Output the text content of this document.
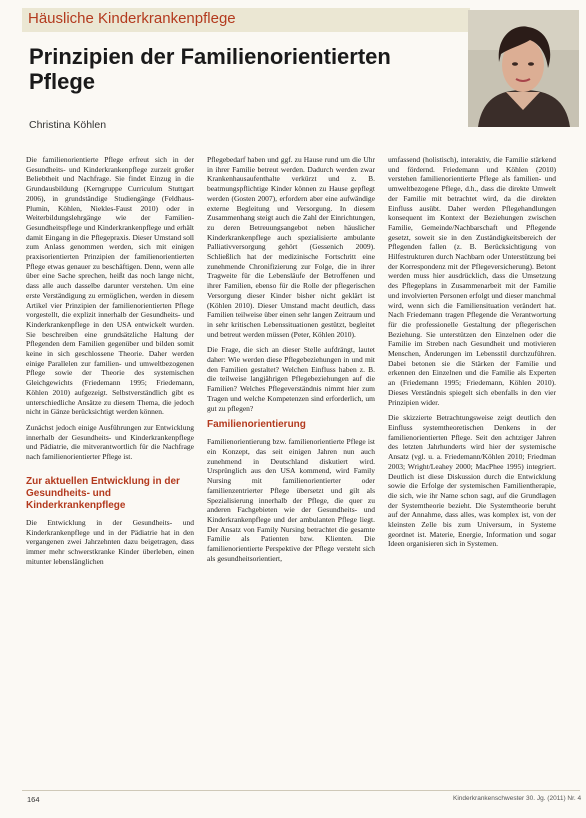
Häusliche Kinderkrankenpflege
Prinzipien der Familienorientierten Pflege
Christina Köhlen

Die familienorientierte Pflege erfreut sich in der Gesundheits- und Kinderkrankenpflege zurzeit großer Beliebtheit und Nachfrage. Sie findet Einzug in die Grundausbildung (Kerngruppe Curriculum Stuttgart 2006), in grundständige Studiengänge (Feldhaus-Plumin, Köhlen, Niekles-Faust 2010) oder in Weiterbildungslehrgänge wie der Familien-Gesundheitspflege und Kinderkrankenpflege und erhält damit Eingang in die Pflegepraxis. Dieser Umstand soll zum Anlass genommen werden, sich mit einigen praxisorientierten Prinzipien der familienorientierten Pflege etwas genauer zu beschäftigen. Denn, wenn alle über eine Sache sprechen, heißt das noch lange nicht, dass alle auch dasselbe darunter verstehen. Um eine erste Verständigung zu ermöglichen, werden in diesem Artikel vier Prinzipien der familienorientierten Pflege vorgestellt, die explizit innerhalb der Gesundheits- und Kinderkrankenpflege in den USA entwickelt wurden. Sie beschreiben eine grundsätzliche Haltung der Pflegenden dem Familien gegenüber und bilden somit keine in sich geschlossene Theorie. Daher werden einige Parallelen zur familien- und umweltbezogenen Pflege sowie der Theorie des systemischen Gleichgewichts (Friedemann 1995; Friedemann, Köhlen 2010) aufgezeigt. Selbstverständlich gibt es unterschiedliche Ansätze zu diesem Thema, die jedoch nicht in Gänze berücksichtigt werden können.

Zunächst jedoch einige Ausführungen zur Entwicklung innerhalb der Gesundheits- und Kinderkrankenpflege und Pädiatrie, die mitverantwortlich für die Nachfrage nach familienorientierter Pflege ist.

Zur aktuellen Entwicklung in der Gesundheits- und Kinderkrankenpflege

Die Entwicklung in der Gesundheits- und Kinderkrankenpflege und in der Pädiatrie hat in den vergangenen zwei Jahrzehnten dazu beigetragen, dass immer mehr schwerstkranke Kinder überleben, einen mitunter lebenslänglichen

Pflegebedarf haben und ggf. zu Hause rund um die Uhr in ihrer Familie betreut werden. Dadurch werden zwar Krankenhausaufenthalte verkürzt und z. B. beatmungspflichtige Kinder können zu Hause gepflegt werden (Gosten 2007), erfordern aber eine aufwändige externe Begleitung und Versorgung. In diesem Zusammenhang steigt auch die Zahl der Einrichtungen, zu deren Betreuungsangebot neben häuslicher Kinderkrankenpflege auch spezialisierte ambulante Palliativversorgung gehört (Gessenich 2009). Schließlich hat der medizinische Fortschritt eine zunehmende Chronifizierung zur Folge, die in ihrer Tragweite für die Lebensläufe der Betroffenen und ihrer Familien, ebenso für die Rolle der pflegerischen Versorgung dieser Kinder bisher nicht geklärt ist (Köhlen 2010). Dieser Umstand macht deutlich, dass Familien teilweise über einen sehr langen Zeitraum und in sehr kritischen Lebenssituationen gestützt, begleitet und betreut werden müssen (Peter, Köhlen 2010).

Die Frage, die sich an dieser Stelle aufdrängt, lautet daher: Wie werden diese Pflegebeziehungen in und mit den Familien gestaltet? Welchen Einfluss haben z. B. die teilweise langjährigen Pflegebeziehungen auf die Familien? Welches Pflegeverständnis nimmt hier zum Tragen und welche Kompetenzen sind erforderlich, um gut zu pflegen?

Familienorientierung

Familienorientierung bzw. familienorientierte Pflege ist ein Konzept, das seit einigen Jahren nun auch zunehmend in Deutschland diskutiert wird. Ursprünglich aus den USA kommend, wird Family Nursing mit familienorientierter oder familienzentrierter Pflege übersetzt und gilt als Spezialisierung innerhalb der Pflege, die quer zu anderen Fachgebieten wie der Gesundheits- und Kinderkrankenpflege und der ambulanten Pflege liegt. Der Ansatz von Family Nursing betrachtet die gesamte Familie als Patienten bzw. Klienten. Die familienorientierte Perspektive der Pflege versteht sich als gesundheitsorientiert,

umfassend (holistisch), interaktiv, die Familie stärkend und fördernd. Friedemann und Köhlen (2010) verstehen familienorientierte Pflege als familien- und umweltbezogene Pflege, d.h., dass die direkte Umwelt der Familie mit betrachtet wird, da die direkten Einfluss ausübt. Daher werden Pflegehandlungen konsequent im Kontext der Beziehungen zwischen Familie, Gemeinde/Nachbarschaft und Pflegende gesetzt, soweit sie in den Zuständigkeitsbereich der Pflegenden fallen (z. B. Berücksichtigung von Hilfestrukturen durch Nachbarn oder Unterstützung bei der Korrespondenz mit der Pflegeversicherung). Betont werden muss hier ausdrücklich, dass die Umsetzung des Pflegeplans in Zusammenarbeit mit der Familie und involvierten Personen erfolgt und dieser manchmal wird, wenn sich die Familiensituation verändert hat. Nach Friedemann tragen Pflegende die Verantwortung für die professionelle Gestaltung der pflegerischen Beziehung. Sie unterstützen den Einzelnen oder die Familie im Streben nach Gesundheit und motivieren Menschen, Änderungen im Lebensstil durchzuführen. Dabei betonen sie die Stärken der Familie und erkennen den Einzelnen und die Familie als Experten an (Friedemann 1995; Friedemann, Köhlen 2010). Dieses Verständnis spiegelt sich ebenfalls in den vier Prinzipien wider.

Die skizzierte Betrachtungsweise zeigt deutlich den Einfluss systemtheoretischen Denkens in der familienorientierten Pflege. Seit den achtziger Jahren des letzten Jahrhunderts wird hier der systemische Ansatz (vgl. u. a. Friedemann/Köhlen 2010; Friedman 2003; Wright/Leahey 2000; MacPhee 1995) integriert. Deutlich ist diese Diskussion durch die Entwicklung sowie die Erfolge der systemischen Familientherapie, die sich, wie ihr Name schon sagt, auf die Grundlagen der Systemtheorie bezieht. Die Systemtheorie beruht auf der Annahme, dass alles, was komplex ist, von der kleinsten Zelle bis zum Universum, in Systeme geordnet ist. Materie, Energie, Information und sogar Ideen organisieren sich in Systemen.

164	Kinderkrankenschwester 30. Jg. (2011) Nr. 4
